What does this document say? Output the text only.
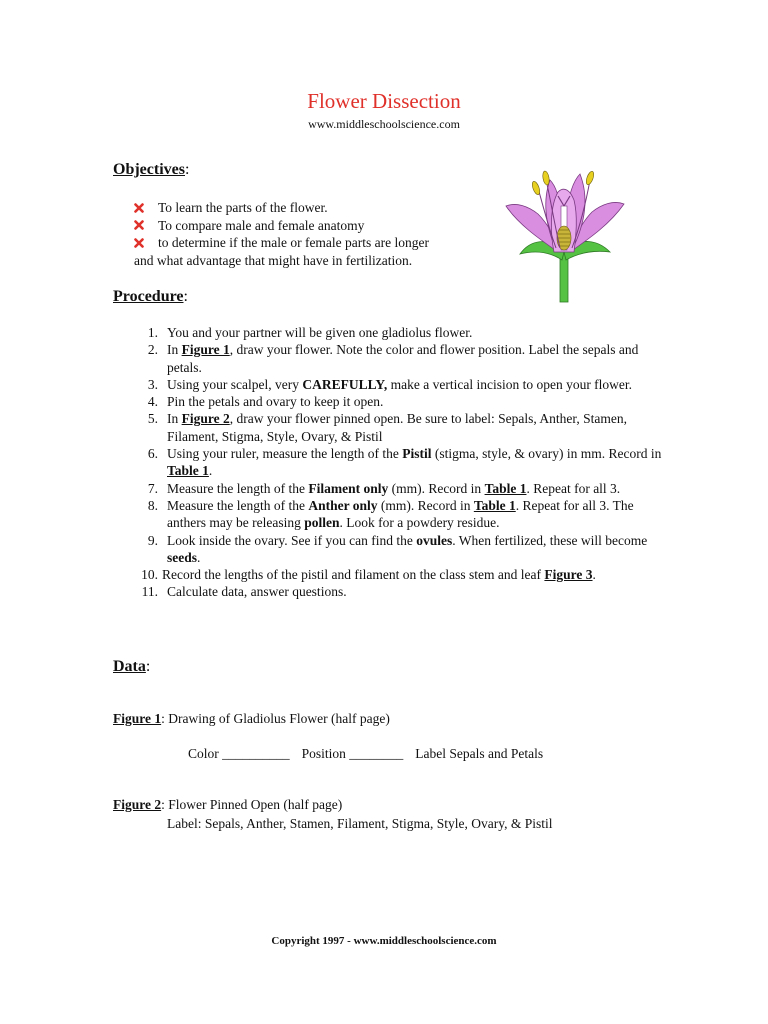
Flower Dissection
www.middleschoolscience.com
Objectives:
To learn the parts of the flower.
To compare male and female anatomy
to determine if the male or female parts are longer
and what advantage that might have in fertilization.
Procedure:
1. You and your partner will be given one gladiolus flower.
2. In Figure 1, draw your flower. Note the color and flower position. Label the sepals and petals.
3. Using your scalpel, very CAREFULLY, make a vertical incision to open your flower.
4. Pin the petals and ovary to keep it open.
5. In Figure 2, draw your flower pinned open. Be sure to label: Sepals, Anther, Stamen, Filament, Stigma, Style, Ovary, & Pistil
6. Using your ruler, measure the length of the Pistil (stigma, style, & ovary) in mm. Record in Table 1.
7. Measure the length of the Filament only (mm). Record in Table 1. Repeat for all 3.
8. Measure the length of the Anther only (mm). Record in Table 1. Repeat for all 3. The anthers may be releasing pollen. Look for a powdery residue.
9. Look inside the ovary. See if you can find the ovules. When fertilized, these will become seeds.
10. Record the lengths of the pistil and filament on the class stem and leaf Figure 3.
11. Calculate data, answer questions.
Data:
Figure 1: Drawing of Gladiolus Flower (half page)
Color __________ Position ________ Label Sepals and Petals
Figure 2: Flower Pinned Open (half page)
Label: Sepals, Anther, Stamen, Filament, Stigma, Style, Ovary, & Pistil
Copyright 1997 - www.middleschoolscience.com
